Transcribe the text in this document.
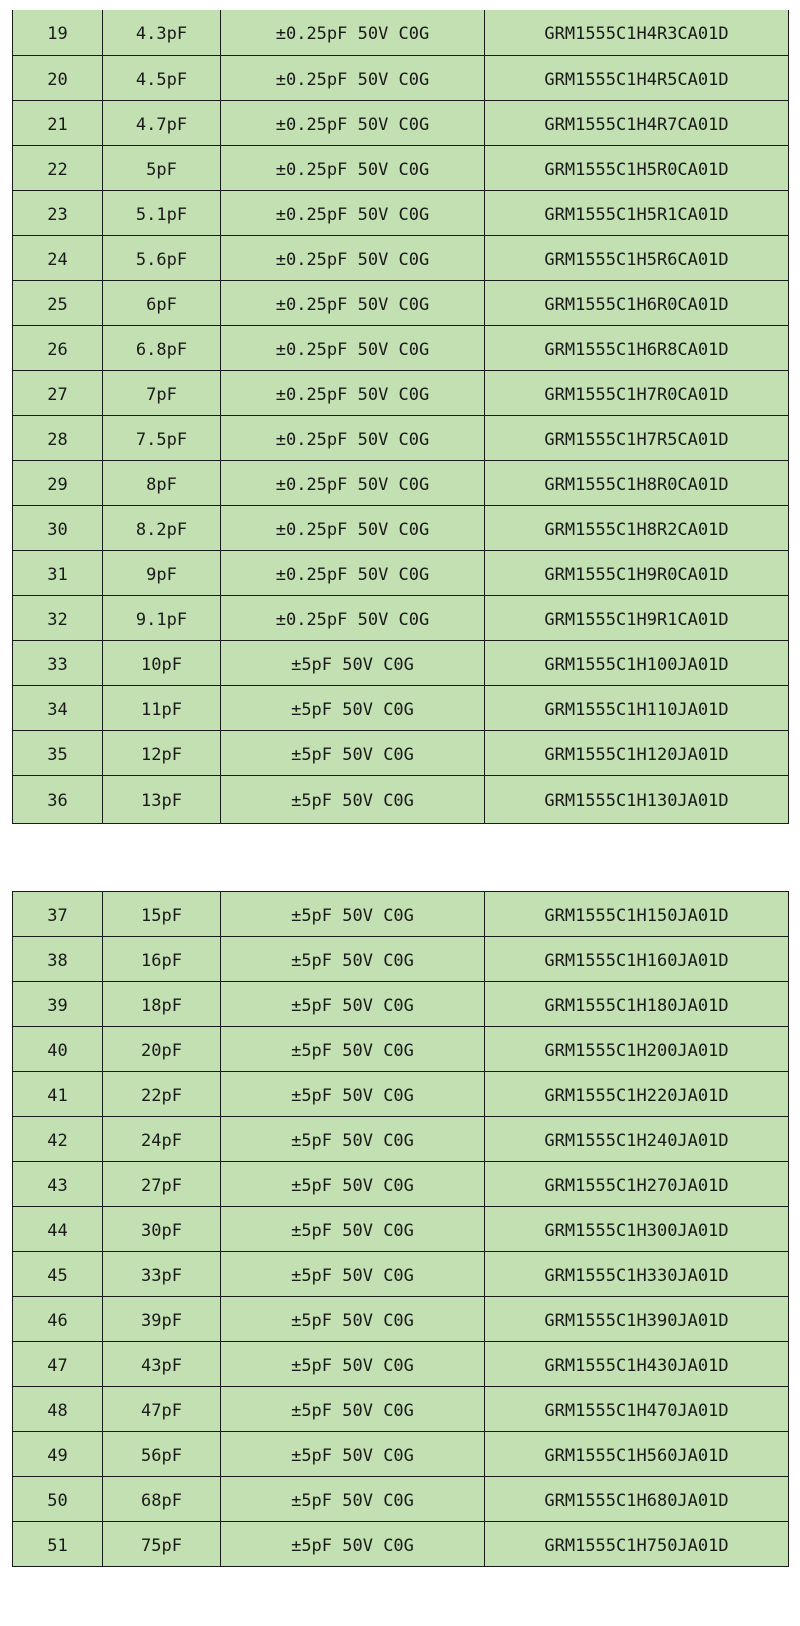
19	4.3pF	±0.25pF 50V C0G	GRM1555C1H4R3CA01D
20	4.5pF	±0.25pF 50V C0G	GRM1555C1H4R5CA01D
21	4.7pF	±0.25pF 50V C0G	GRM1555C1H4R7CA01D
22	5pF	±0.25pF 50V C0G	GRM1555C1H5R0CA01D
23	5.1pF	±0.25pF 50V C0G	GRM1555C1H5R1CA01D
24	5.6pF	±0.25pF 50V C0G	GRM1555C1H5R6CA01D
25	6pF	±0.25pF 50V C0G	GRM1555C1H6R0CA01D
26	6.8pF	±0.25pF 50V C0G	GRM1555C1H6R8CA01D
27	7pF	±0.25pF 50V C0G	GRM1555C1H7R0CA01D
28	7.5pF	±0.25pF 50V C0G	GRM1555C1H7R5CA01D
29	8pF	±0.25pF 50V C0G	GRM1555C1H8R0CA01D
30	8.2pF	±0.25pF 50V C0G	GRM1555C1H8R2CA01D
31	9pF	±0.25pF 50V C0G	GRM1555C1H9R0CA01D
32	9.1pF	±0.25pF 50V C0G	GRM1555C1H9R1CA01D
33	10pF	±5pF 50V C0G	GRM1555C1H100JA01D
34	11pF	±5pF 50V C0G	GRM1555C1H110JA01D
35	12pF	±5pF 50V C0G	GRM1555C1H120JA01D
36	13pF	±5pF 50V C0G	GRM1555C1H130JA01D
37	15pF	±5pF 50V C0G	GRM1555C1H150JA01D
38	16pF	±5pF 50V C0G	GRM1555C1H160JA01D
39	18pF	±5pF 50V C0G	GRM1555C1H180JA01D
40	20pF	±5pF 50V C0G	GRM1555C1H200JA01D
41	22pF	±5pF 50V C0G	GRM1555C1H220JA01D
42	24pF	±5pF 50V C0G	GRM1555C1H240JA01D
43	27pF	±5pF 50V C0G	GRM1555C1H270JA01D
44	30pF	±5pF 50V C0G	GRM1555C1H300JA01D
45	33pF	±5pF 50V C0G	GRM1555C1H330JA01D
46	39pF	±5pF 50V C0G	GRM1555C1H390JA01D
47	43pF	±5pF 50V C0G	GRM1555C1H430JA01D
48	47pF	±5pF 50V C0G	GRM1555C1H470JA01D
49	56pF	±5pF 50V C0G	GRM1555C1H560JA01D
50	68pF	±5pF 50V C0G	GRM1555C1H680JA01D
51	75pF	±5pF 50V C0G	GRM1555C1H750JA01D
